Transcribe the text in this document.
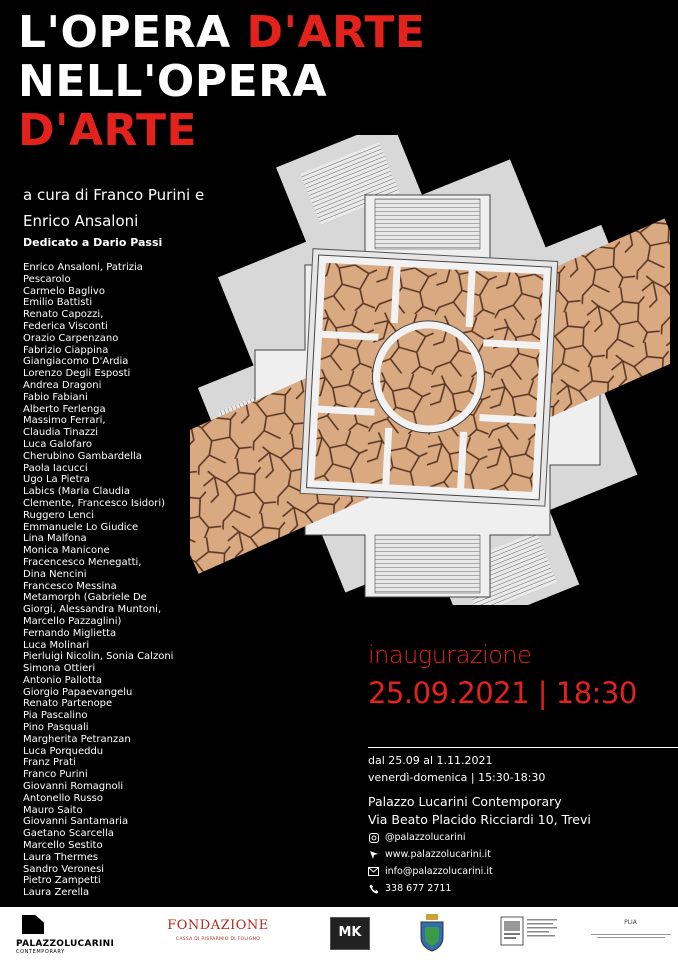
L'OPERA D'ARTE
NELL'OPERA
D'ARTE
a cura di Franco Purini e
Enrico Ansaloni
Dedicato a Dario Passi
Enrico Ansaloni, Patrizia
Pescarolo
Carmelo Baglivo
Emilio Battisti
Renato Capozzi,
Federica Visconti
Orazio Carpenzano
Fabrizio Ciappina
Giangiacomo D'Ardia
Lorenzo Degli Esposti
Andrea Dragoni
Fabio Fabiani
Alberto Ferlenga
Massimo Ferrari,
Claudia Tinazzi
Luca Galofaro
Cherubino Gambardella
Paola Iacucci
Ugo La Pietra
Labics (Maria Claudia
Clemente, Francesco Isidori)
Ruggero Lenci
Emmanuele Lo Giudice
Lina Malfona
Monica Manicone
Fracencesco Menegatti,
Dina Nencini
Francesco Messina
Metamorph (Gabriele De
Giorgi, Alessandra Muntoni,
Marcello Pazzaglini)
Fernando Miglietta
Luca Molinari
Pierluigi Nicolin, Sonia Calzoni
Simona Ottieri
Antonio Pallotta
Giorgio Papaevangelu
Renato Partenope
Pia Pascalino
Pino Pasquali
Margherita Petranzan
Luca Porqueddu
Franz Prati
Franco Purini
Giovanni Romagnoli
Antonello Russo
Mauro Saito
Giovanni Santamaria
Gaetano Scarcella
Marcello Sestito
Laura Thermes
Sandro Veronesi
Pietro Zampetti
Laura Zerella
inaugurazione
25.09.2021 | 18:30
dal 25.09 al 1.11.2021
venerdì-domenica | 15:30-18:30
Palazzo Lucarini Contemporary
Via Beato Placido Ricciardi 10, Trevi
@palazzolucarini
www.palazzolucarini.it
info@palazzolucarini.it
338 677 2711
PALAZZOLUCARINI
CONTEMPORARY
FONDAZIONE
CASSA DI RISPARMIO DI FOLIGNO	MK
PLIA
